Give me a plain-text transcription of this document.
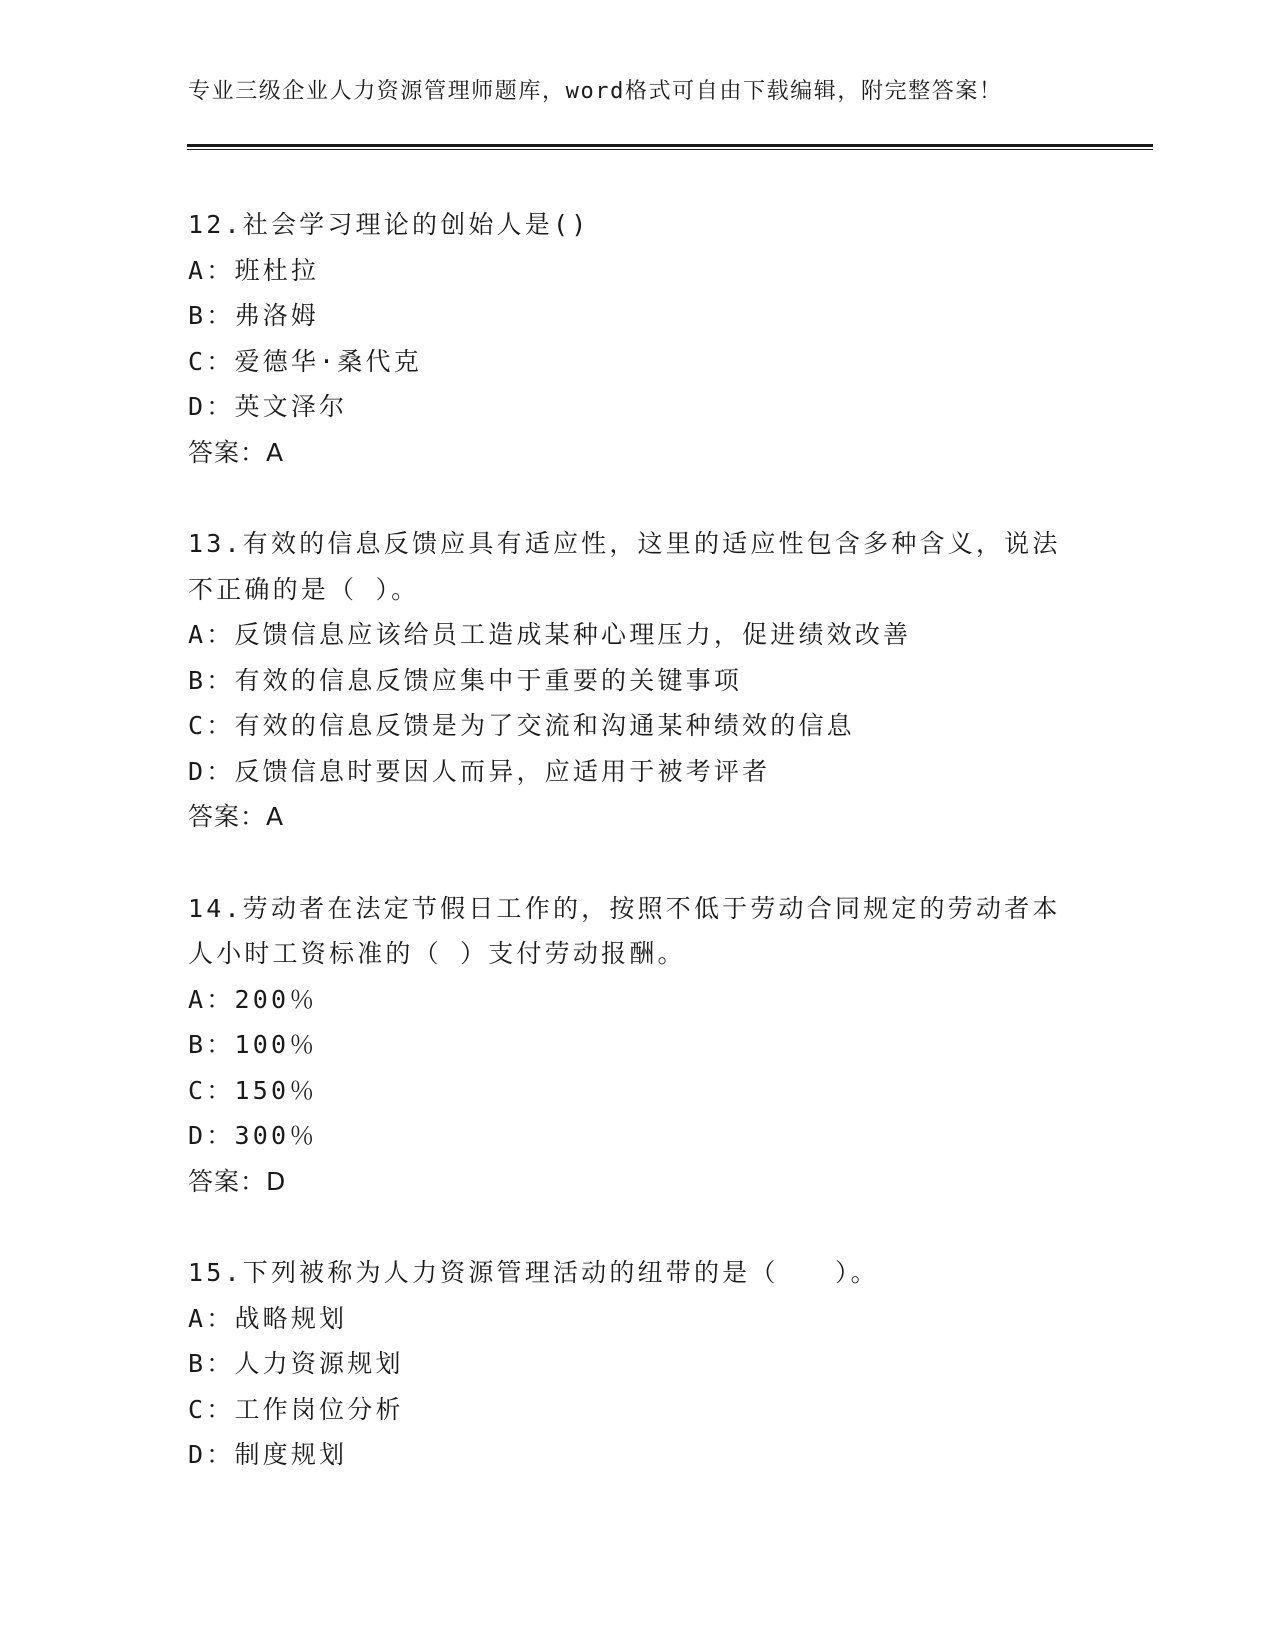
专业三级企业人力资源管理师题库，word格式可自由下载编辑，附完整答案！
12.社会学习理论的创始人是()
A：班杜拉
B：弗洛姆
C：爱德华·桑代克
D：英文泽尔
答案：A
13.有效的信息反馈应具有适应性，这里的适应性包含多种含义，说法
不正确的是（ ）。
A：反馈信息应该给员工造成某种心理压力，促进绩效改善
B：有效的信息反馈应集中于重要的关键事项
C：有效的信息反馈是为了交流和沟通某种绩效的信息
D：反馈信息时要因人而异，应适用于被考评者
答案：A
14.劳动者在法定节假日工作的，按照不低于劳动合同规定的劳动者本
人小时工资标准的（ ）支付劳动报酬。
A：200％
B：100％
C：150％
D：300％
答案：D
15.下列被称为人力资源管理活动的纽带的是（　　）。
A：战略规划
B：人力资源规划
C：工作岗位分析
D：制度规划
